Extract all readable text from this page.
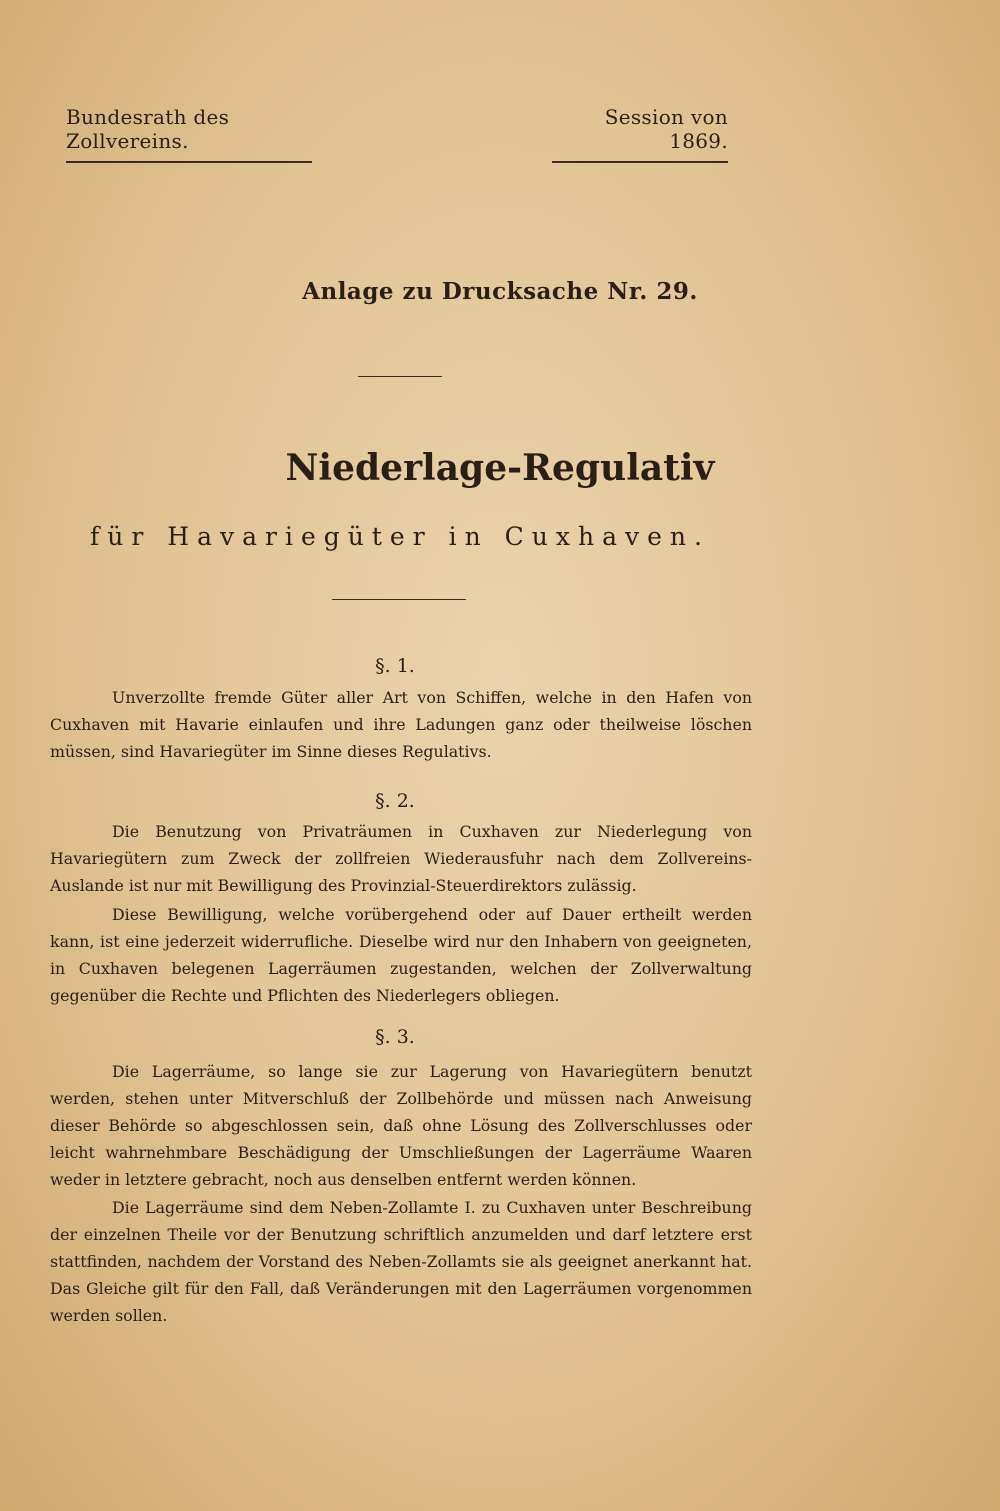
Bundesrath des Zollvereins.
Session von 1869.
Anlage zu Drucksache Nr. 29.
Niederlage-Regulativ
für Havariegüter in Cuxhaven.
§. 1.

Unverzollte fremde Güter aller Art von Schiffen, welche in den Hafen von Cuxhaven mit Havarie einlaufen und ihre Ladungen ganz oder theilweise löschen müssen, sind Havariegüter im Sinne dieses Regulativs.

§. 2.

Die Benutzung von Privaträumen in Cuxhaven zur Niederlegung von Havariegütern zum Zweck der zollfreien Wiederausfuhr nach dem Zollvereins-Auslande ist nur mit Bewilligung des Provinzial-Steuerdirektors zulässig.

Diese Bewilligung, welche vorübergehend oder auf Dauer ertheilt werden kann, ist eine jederzeit widerrufliche. Dieselbe wird nur den Inhabern von geeigneten, in Cuxhaven belegenen Lagerräumen zugestanden, welchen der Zollverwaltung gegenüber die Rechte und Pflichten des Niederlegers obliegen.

§. 3.

Die Lagerräume, so lange sie zur Lagerung von Havariegütern benutzt werden, stehen unter Mitverschluß der Zollbehörde und müssen nach Anweisung dieser Behörde so abgeschlossen sein, daß ohne Lösung des Zollverschlusses oder leicht wahrnehmbare Beschädigung der Umschließungen der Lagerräume Waaren weder in letztere gebracht, noch aus denselben entfernt werden können.

Die Lagerräume sind dem Neben-Zollamte I. zu Cuxhaven unter Beschreibung der einzelnen Theile vor der Benutzung schriftlich anzumelden und darf letztere erst stattfinden, nachdem der Vorstand des Neben-Zollamts sie als geeignet anerkannt hat. Das Gleiche gilt für den Fall, daß Veränderungen mit den Lagerräumen vorgenommen werden sollen.
